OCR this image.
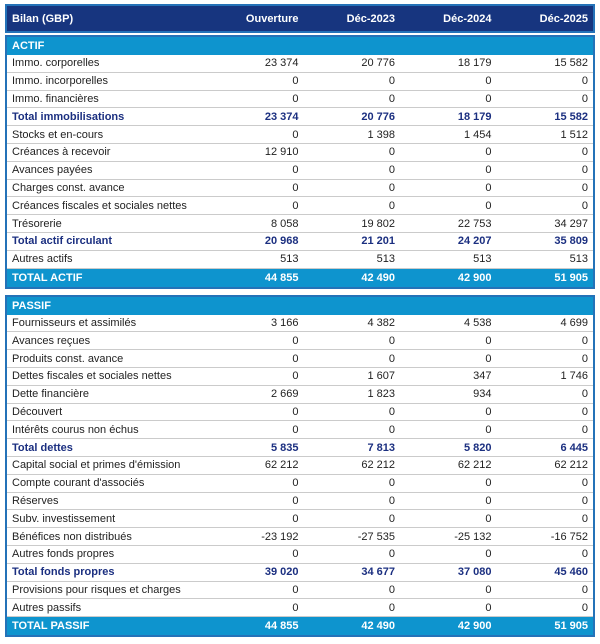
Bilan (GBP)	Ouverture	Déc-2023	Déc-2024	Déc-2025
ACTIF
Immo. corporelles	23 374	20 776	18 179	15 582
Immo. incorporelles	0	0	0	0
Immo. financières	0	0	0	0
Total immobilisations	23 374	20 776	18 179	15 582
Stocks et en-cours	0	1 398	1 454	1 512
Créances à recevoir	12 910	0	0	0
Avances payées	0	0	0	0
Charges const. avance	0	0	0	0
Créances fiscales et sociales nettes	0	0	0	0
Trésorerie	8 058	19 802	22 753	34 297
Total actif circulant	20 968	21 201	24 207	35 809
Autres actifs	513	513	513	513
TOTAL ACTIF	44 855	42 490	42 900	51 905
PASSIF
Fournisseurs et assimilés	3 166	4 382	4 538	4 699
Avances reçues	0	0	0	0
Produits const. avance	0	0	0	0
Dettes fiscales et sociales nettes	0	1 607	347	1 746
Dette financière	2 669	1 823	934	0
Découvert	0	0	0	0
Intérêts courus non échus	0	0	0	0
Total dettes	5 835	7 813	5 820	6 445
Capital social et primes d'émission	62 212	62 212	62 212	62 212
Compte courant d'associés	0	0	0	0
Réserves	0	0	0	0
Subv. investissement	0	0	0	0
Bénéfices non distribués	-23 192	-27 535	-25 132	-16 752
Autres fonds propres	0	0	0	0
Total fonds propres	39 020	34 677	37 080	45 460
Provisions pour risques et charges	0	0	0	0
Autres passifs	0	0	0	0
TOTAL PASSIF	44 855	42 490	42 900	51 905
